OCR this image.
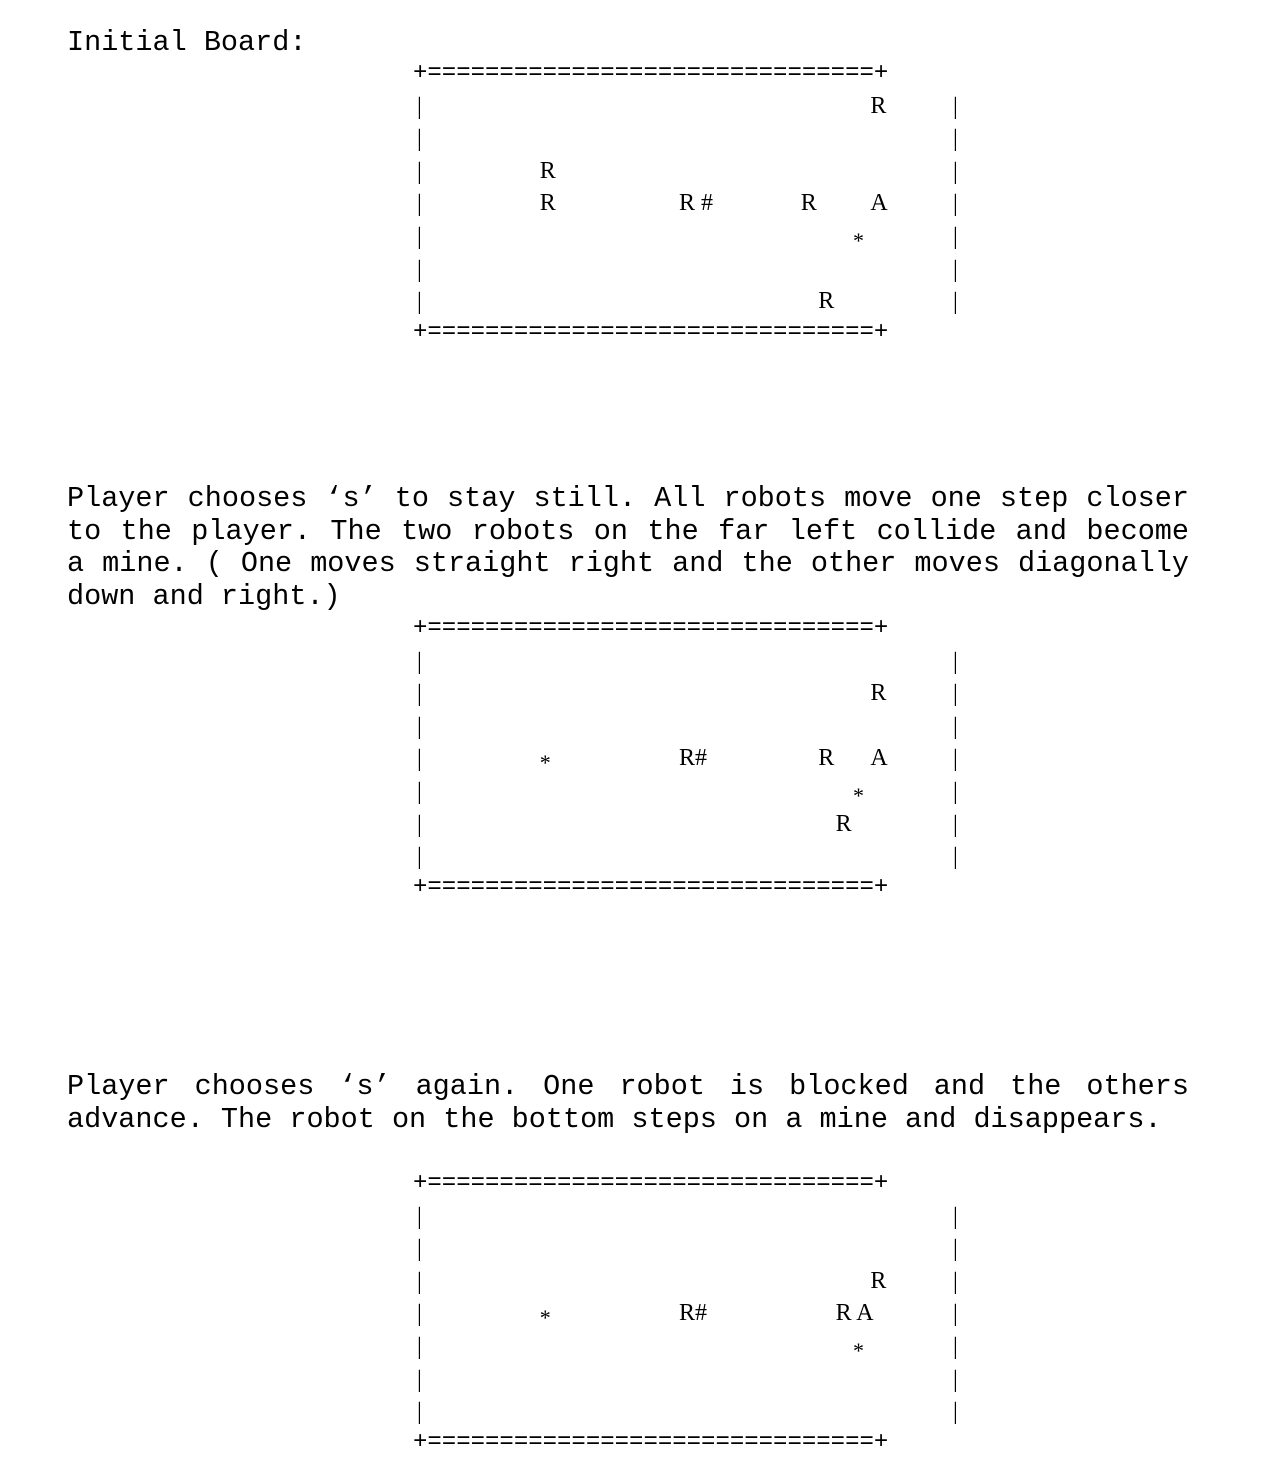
Initial Board:
+===============================+
|	|
|	|
|	|
|	|
|	|
|	|
|	|
+===============================+
R
R
R	R #	R A
*
R

Player chooses ‘s’ to stay still. All robots move one step closer to the player. The two robots on the far left collide and become a mine. ( One moves straight right and the other moves diagonally down and right.)

+===============================+
|	|
|	|
|	|
|	|
|	|
|	|
|	|
+===============================+
R
*	R#	R A
*
R

Player chooses ‘s’ again. One robot is blocked and the others advance. The robot on the bottom steps on a mine and disappears.

+===============================+
|	|
|	|
|	|
|	|
|	|
|	|
|	|
+===============================+
R
*	R#	R A
*
